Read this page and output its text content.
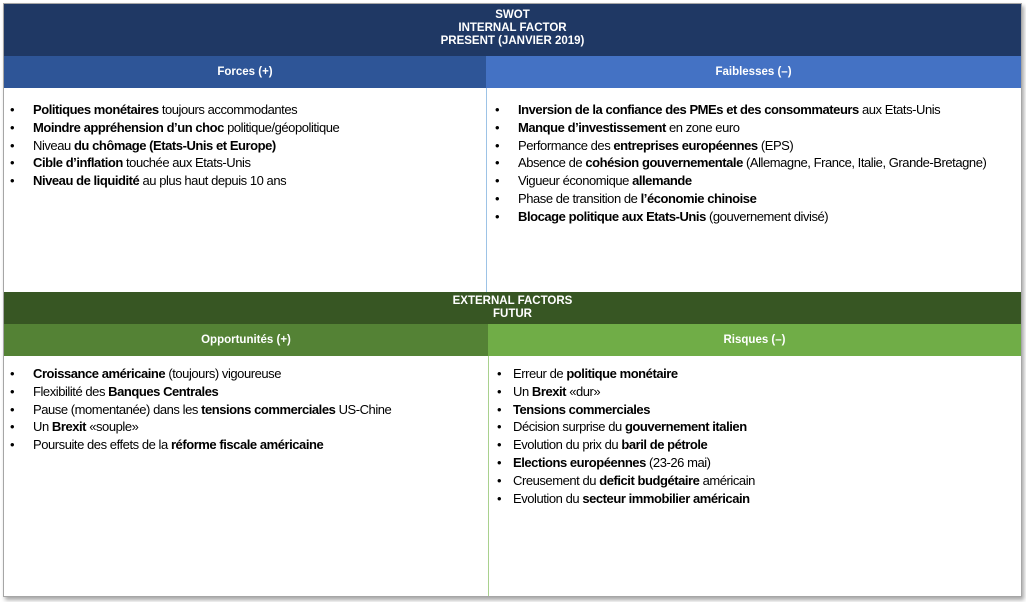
SWOT
INTERNAL FACTOR
PRESENT (JANVIER 2019)
Forces (+)	Faiblesses (–)
• Politiques monétaires toujours accommodantes
• Moindre appréhension d’un choc politique/géopolitique
• Niveau du chômage (Etats-Unis et Europe)
• Cible d’inflation touchée aux Etats-Unis
• Niveau de liquidité au plus haut depuis 10 ans
• Inversion de la confiance des PMEs et des consommateurs aux Etats-Unis
• Manque d’investissement en zone euro
• Performance des entreprises européennes (EPS)
• Absence de cohésion gouvernementale (Allemagne, France, Italie, Grande-Bretagne)
• Vigueur économique allemande
• Phase de transition de l’économie chinoise
• Blocage politique aux Etats-Unis (gouvernement divisé)
EXTERNAL FACTORS
FUTUR
Opportunités (+)	Risques (–)
• Croissance américaine (toujours) vigoureuse
• Flexibilité des Banques Centrales
• Pause (momentanée) dans les tensions commerciales US-Chine
• Un Brexit «souple»
• Poursuite des effets de la réforme fiscale américaine
• Erreur de politique monétaire
• Un Brexit «dur»
• Tensions commerciales
• Décision surprise du gouvernement italien
• Evolution du prix du baril de pétrole
• Elections européennes (23-26 mai)
• Creusement du deficit budgétaire américain
• Evolution du secteur immobilier américain
